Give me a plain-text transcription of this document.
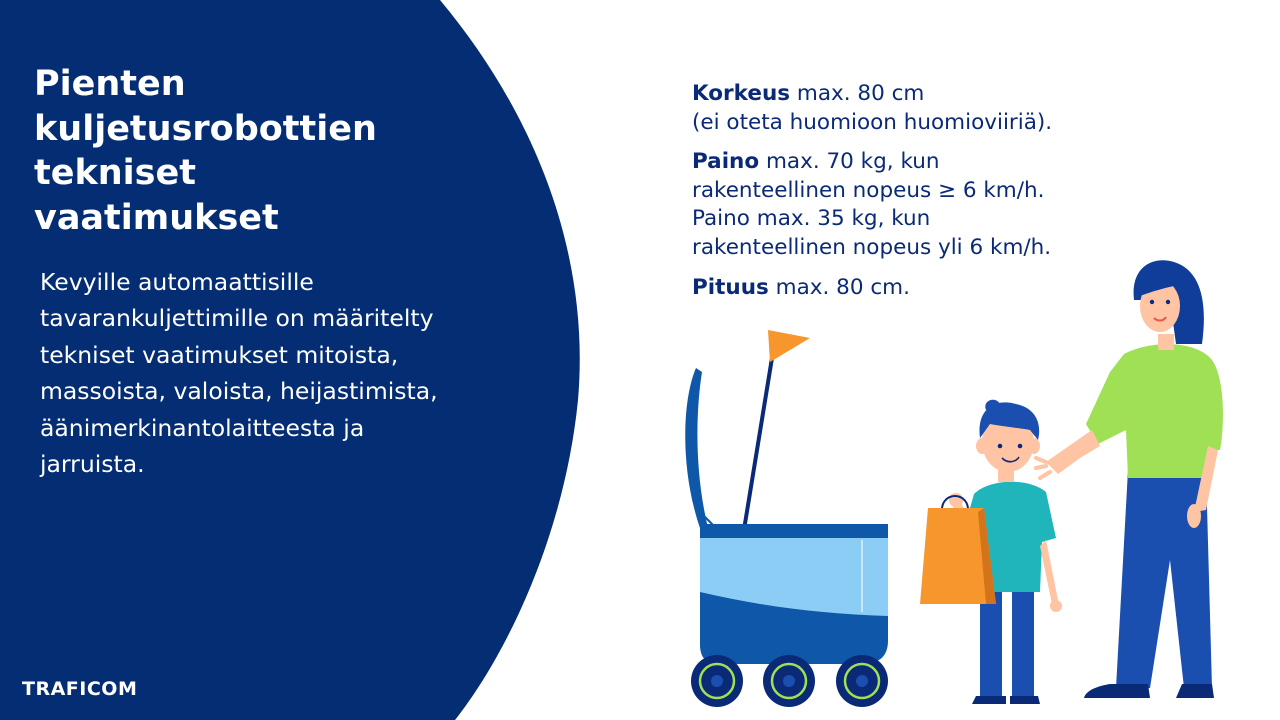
Pienten
kuljetusrobottien
tekniset
vaatimukset
Kevyille automaattisille
tavarankuljettimille on määritelty
tekniset vaatimukset mitoista,
massoista, valoista, heijastimista,
äänimerkinantolaitteesta ja
jarruista.
TRAFICOM

Korkeus max. 80 cm
(ei oteta huomioon huomioviiriä).

Paino max. 70 kg, kun
rakenteellinen nopeus ≥ 6 km/h.
Paino max. 35 kg, kun
rakenteellinen nopeus yli 6 km/h.

Pituus max. 80 cm.
